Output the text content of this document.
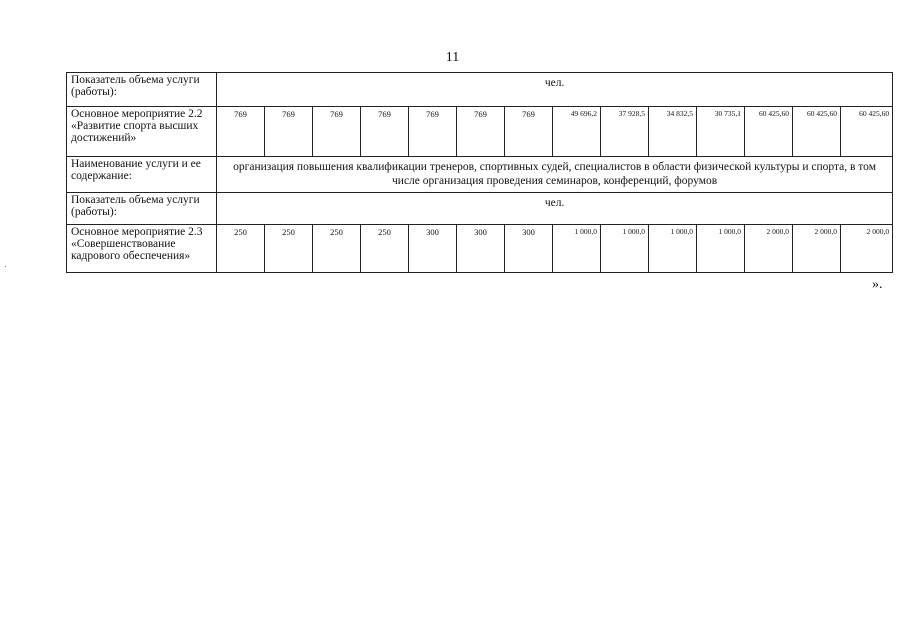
11
Показатель объема услуги (работы):	чел.													
Основное мероприятие 2.2 «Развитие спорта высших достижений»	769	769	769	769	769	769	769	49 696,2	37 928,5	34 832,5	30 735,1	60 425,60	60 425,60	60 425,60
Наименование услуги и ее содержание:	организация повышения квалификации тренеров, спортивных судей, специалистов в области физической культуры и спорта, в том числе организация проведения семинаров, конференций, форумов													
Показатель объема услуги (работы):	чел.													
Основное мероприятие 2.3 «Совершенствование кадрового обеспечения»	250	250	250	250	300	300	300	1 000,0	1 000,0	1 000,0	1 000,0	2 000,0	2 000,0	2 000,0
».
